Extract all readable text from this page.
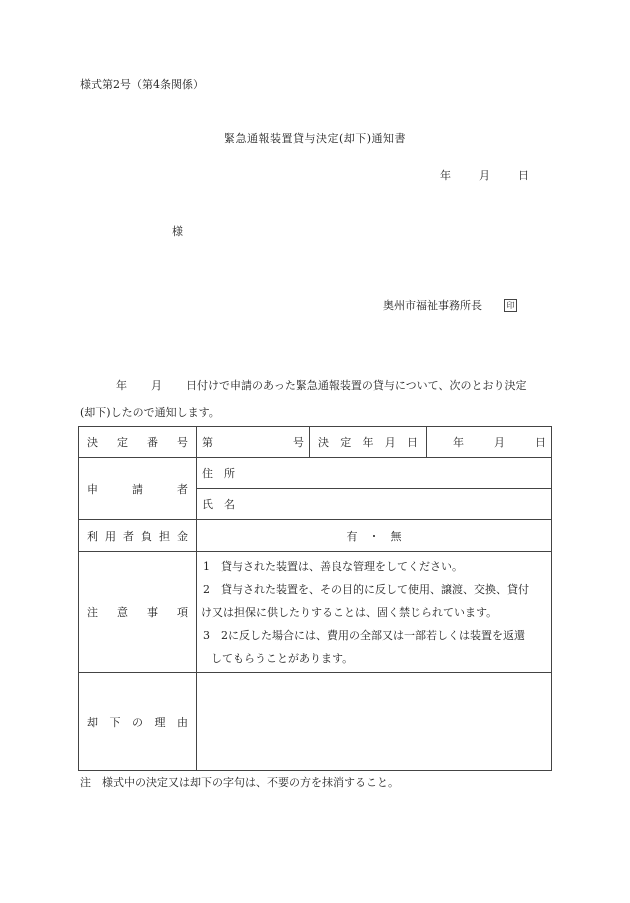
様式第2号（第4条関係）
緊急通報装置貸与決定(却下)通知書
年	月	日
様
奥州市福祉事務所長	印
年 月 日付けで申請のあった緊急通報装置の貸与について、次のとおり決定
(却下)したので通知します。
決定番号	第 号	決定年月日	年 月 日
申請者	住　所		
	氏　名		
利用者負担金	有　・　無		
注意事項	1　貸与された装置は、善良な管理をしてください。
2　貸与された装置を、その目的に反して使用、譲渡、交換、貸付
け又は担保に供したりすることは、固く禁じられています。
3　2に反した場合には、費用の全部又は一部若しくは装置を返還
してもらうことがあります。		

却下の理由			
注　様式中の決定又は却下の字句は、不要の方を抹消すること。
